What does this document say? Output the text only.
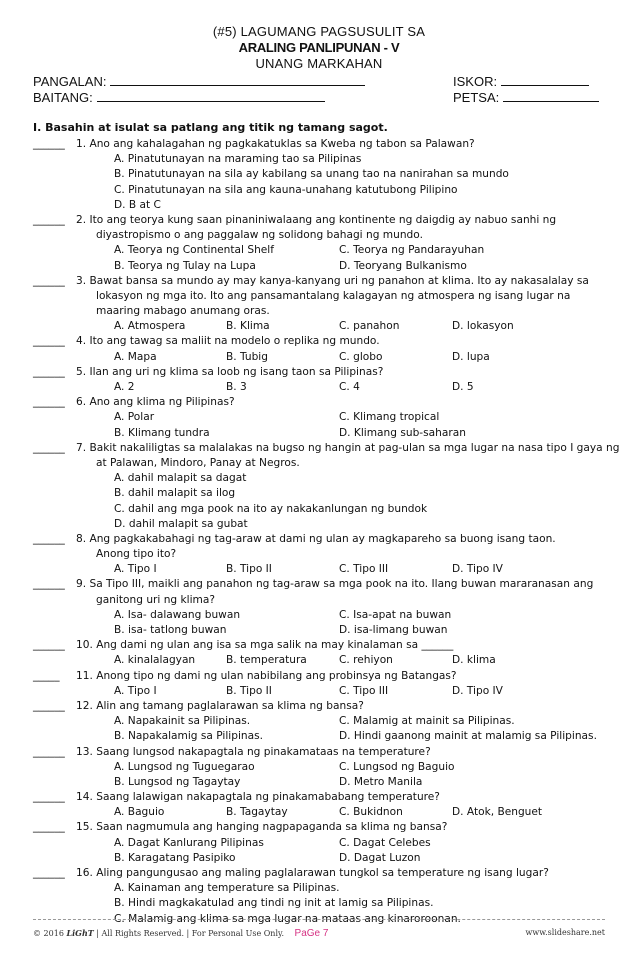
(#5) LAGUMANG PAGSUSULIT SA
ARALING PANLIPUNAN - V
UNANG MARKAHAN
PANGALAN:	ISKOR:
BAITANG:	PETSA:
I. Basahin at isulat sa patlang ang titik ng tamang sagot.
______ 1. Ano ang kahalagahan ng pagkakatuklas sa Kweba ng tabon sa Palawan?
A. Pinatutunayan na maraming tao sa Pilipinas
B. Pinatutunayan na sila ay kabilang sa unang tao na nanirahan sa mundo
C. Pinatutunayan na sila ang kauna-unahang katutubong Pilipino
D. B at C
______ 2. Ito ang teorya kung saan pinaniniwalaang ang kontinente ng daigdig ay nabuo sanhi ng
diyastropismo o ang paggalaw ng solidong bahagi ng mundo.
A. Teorya ng Continental Shelf	C. Teorya ng Pandarayuhan
B. Teorya ng Tulay na Lupa	D. Teoryang Bulkanismo
______ 3. Bawat bansa sa mundo ay may kanya-kanyang uri ng panahon at klima. Ito ay nakasalalay sa
lokasyon ng mga ito. Ito ang pansamantalang kalagayan ng atmospera ng isang lugar na
maaring mabago anumang oras.
A. Atmospera	B. Klima	C. panahon	D. lokasyon
______ 4. Ito ang tawag sa maliit na modelo o replika ng mundo.
A. Mapa	B. Tubig	C. globo	D. lupa
______ 5. Ilan ang uri ng klima sa loob ng isang taon sa Pilipinas?
A. 2	B. 3	C. 4	D. 5
______ 6. Ano ang klima ng Pilipinas?
A. Polar	C. Klimang tropical
B. Klimang tundra	D. Klimang sub-saharan
______ 7. Bakit nakaliligtas sa malalakas na bugso ng hangin at pag-ulan sa mga lugar na nasa tipo I gaya ng
at Palawan, Mindoro, Panay at Negros.
A. dahil malapit sa dagat
B. dahil malapit sa ilog
C. dahil ang mga pook na ito ay nakakanlungan ng bundok
D. dahil malapit sa gubat
______ 8. Ang pagkakabahagi ng tag-araw at dami ng ulan ay magkapareho sa buong isang taon.
Anong tipo ito?
A. Tipo I	B. Tipo II	C. Tipo III	D. Tipo IV
______ 9. Sa Tipo III, maikli ang panahon ng tag-araw sa mga pook na ito. Ilang buwan mararanasan ang
ganitong uri ng klima?
A. Isa- dalawang buwan	C. Isa-apat na buwan
B. isa- tatlong buwan	D. isa-limang buwan
______ 10. Ang dami ng ulan ang isa sa mga salik na may kinalaman sa ______
A. kinalalagyan	B. temperatura	C. rehiyon	D. klima
_____ 11. Anong tipo ng dami ng ulan nabibilang ang probinsya ng Batangas?
A. Tipo I	B. Tipo II	C. Tipo III	D. Tipo IV
______ 12. Alin ang tamang paglalarawan sa klima ng bansa?
A. Napakainit sa Pilipinas.	C. Malamig at mainit sa Pilipinas.
B. Napakalamig sa Pilipinas.	D. Hindi gaanong mainit at malamig sa Pilipinas.
______ 13. Saang lungsod nakapagtala ng pinakamataas na temperature?
A. Lungsod ng Tuguegarao	C. Lungsod ng Baguio
B. Lungsod ng Tagaytay	D. Metro Manila
______ 14. Saang lalawigan nakapagtala ng pinakamababang temperature?
A. Baguio	B. Tagaytay	C. Bukidnon	D. Atok, Benguet
______ 15. Saan nagmumula ang hanging nagpapaganda sa klima ng bansa?
A. Dagat Kanlurang Pilipinas	C. Dagat Celebes
B. Karagatang Pasipiko	D. Dagat Luzon
______ 16. Aling pangungusao ang maling paglalarawan tungkol sa temperature ng isang lugar?
A. Kainaman ang temperature sa Pilipinas.
B. Hindi magkakatulad ang tindi ng init at lamig sa Pilipinas.
C. Malamig ang klima sa mga lugar na mataas ang kinaroroonan.
© 2016 LiGhT | All Rights Reserved. | For Personal Use Only. PaGe 7	www.slideshare.net
